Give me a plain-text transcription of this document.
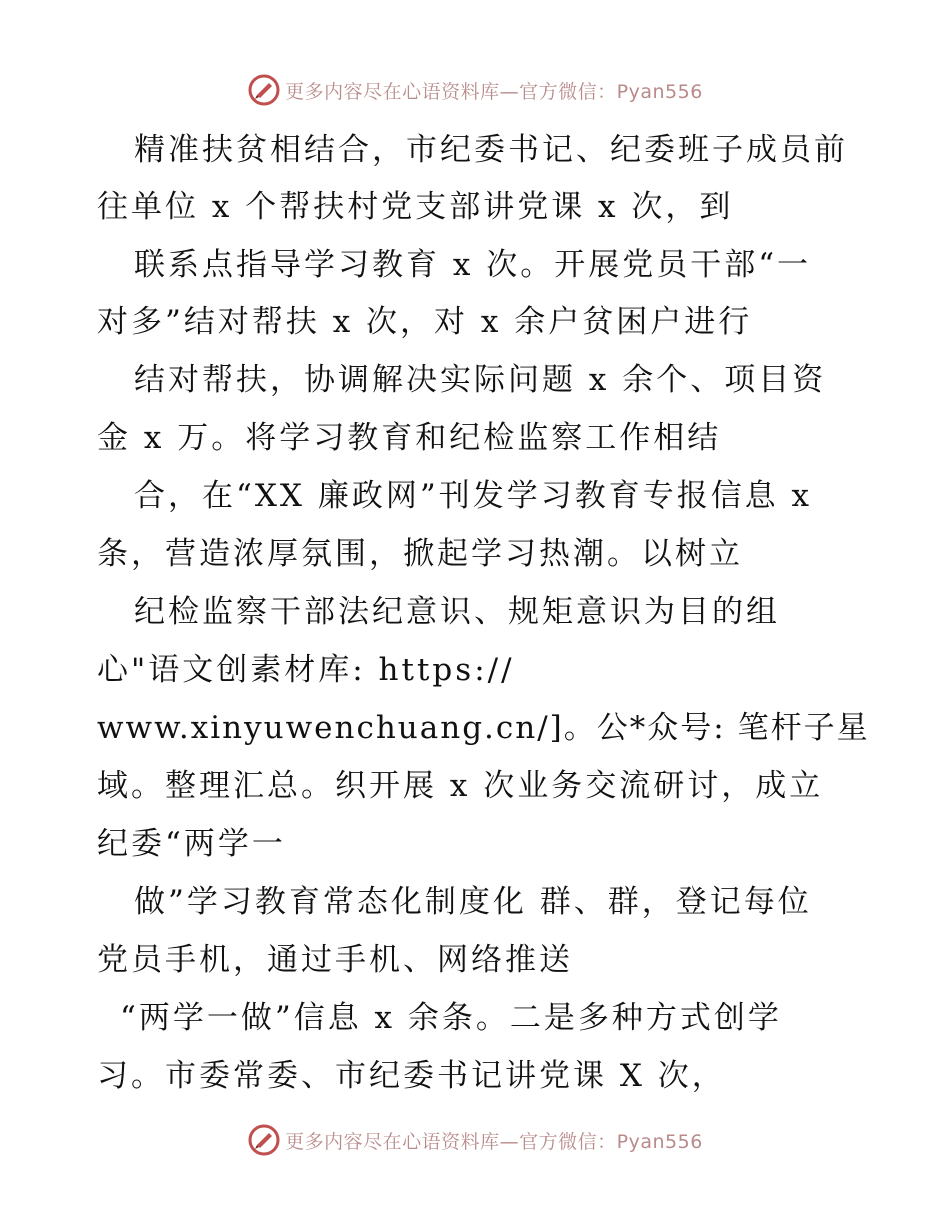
更多内容尽在心语资料库—官方微信：Pyan556
精准扶贫相结合，市纪委书记、纪委班子成员前
往单位 x 个帮扶村党支部讲党课 x 次，到
联系点指导学习教育 x 次。开展党员干部“一
对多”结对帮扶 x 次，对 x 余户贫困户进行
结对帮扶，协调解决实际问题 x 余个、项目资
金 x 万。将学习教育和纪检监察工作相结
合，在“XX 廉政网”刊发学习教育专报信息 x
条，营造浓厚氛围，掀起学习热潮。以树立
纪检监察干部法纪意识、规矩意识为目的组
心"语文创素材库: https://
www.xinyuwenchuang.cn/]。公*众号: 笔杆子星
域。整理汇总。织开展 x 次业务交流研讨，成立
纪委“两学一
做”学习教育常态化制度化 群、群，登记每位
党员手机，通过手机、网络推送
“两学一做”信息 x 余条。二是多种方式创学
习。市委常委、市纪委书记讲党课 X 次，
更多内容尽在心语资料库—官方微信：Pyan556
